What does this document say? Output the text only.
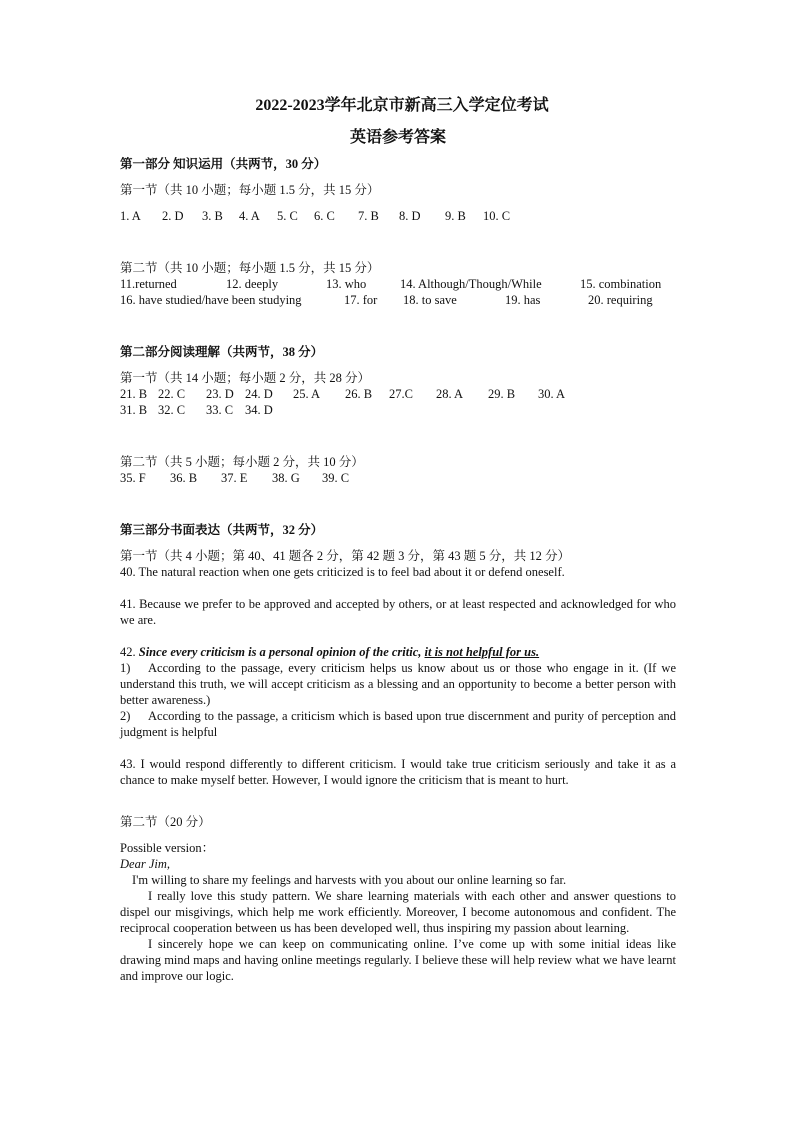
2022-2023学年北京市新高三入学定位考试

英语参考答案

第一部分 知识运用（共两节，30 分）

第一节（共 10 小题；每小题 1.5 分，共 15 分）

1. A 2. D 3. B 4. A 5. C 6. C 7. B 8. D 9. B 10. C

第二节（共 10 小题；每小题 1.5 分，共 15 分）

11.returned	12. deeply	13. who	14. Although/Though/While	15. combination
16. have studied/have been studying	17. for 18. to save	19. has	20. requiring

第二部分阅读理解（共两节，38 分）

第一节（共 14 小题；每小题 2 分，共 28 分）

21. B 22. C 23. D 24. D 25. A 26. B 27.C 28. A 29. B 30. A
31. B 32. C 33. C 34. D

第二节（共 5 小题；每小题 2 分，共 10 分）

35. F 36. B 37. E 38. G 39. C

第三部分书面表达（共两节，32 分）

第一节（共 4 小题；第 40、41 题各 2 分，第 42 题 3 分，第 43 题 5 分，共 12 分）

40. The natural reaction when one gets criticized is to feel bad about it or defend oneself.

41. Because we prefer to be approved and accepted by others, or at least respected and acknowledged for who we are.

42. Since every criticism is a personal opinion of the critic, it is not helpful for us.

1) According to the passage, every criticism helps us know about us or those who engage in it. (If we understand this truth, we will accept criticism as a blessing and an opportunity to become a better person with better awareness.)

2) According to the passage, a criticism which is based upon true discernment and purity of perception and judgment is helpful

43. I would respond differently to different criticism. I would take true criticism seriously and take it as a chance to make myself better. However, I would ignore the criticism that is meant to hurt.

第二节（20 分）

Possible version：

Dear Jim,

I'm willing to share my feelings and harvests with you about our online learning so far.

I really love this study pattern. We share learning materials with each other and answer questions to dispel our misgivings, which help me work efficiently. Moreover, I become autonomous and confident. The reciprocal cooperation between us has been developed well, thus inspiring my passion about learning.

I sincerely hope we can keep on communicating online. I’ve come up with some initial ideas like drawing mind maps and having online meetings regularly. I believe these will help review what we have learnt and improve our logic.
